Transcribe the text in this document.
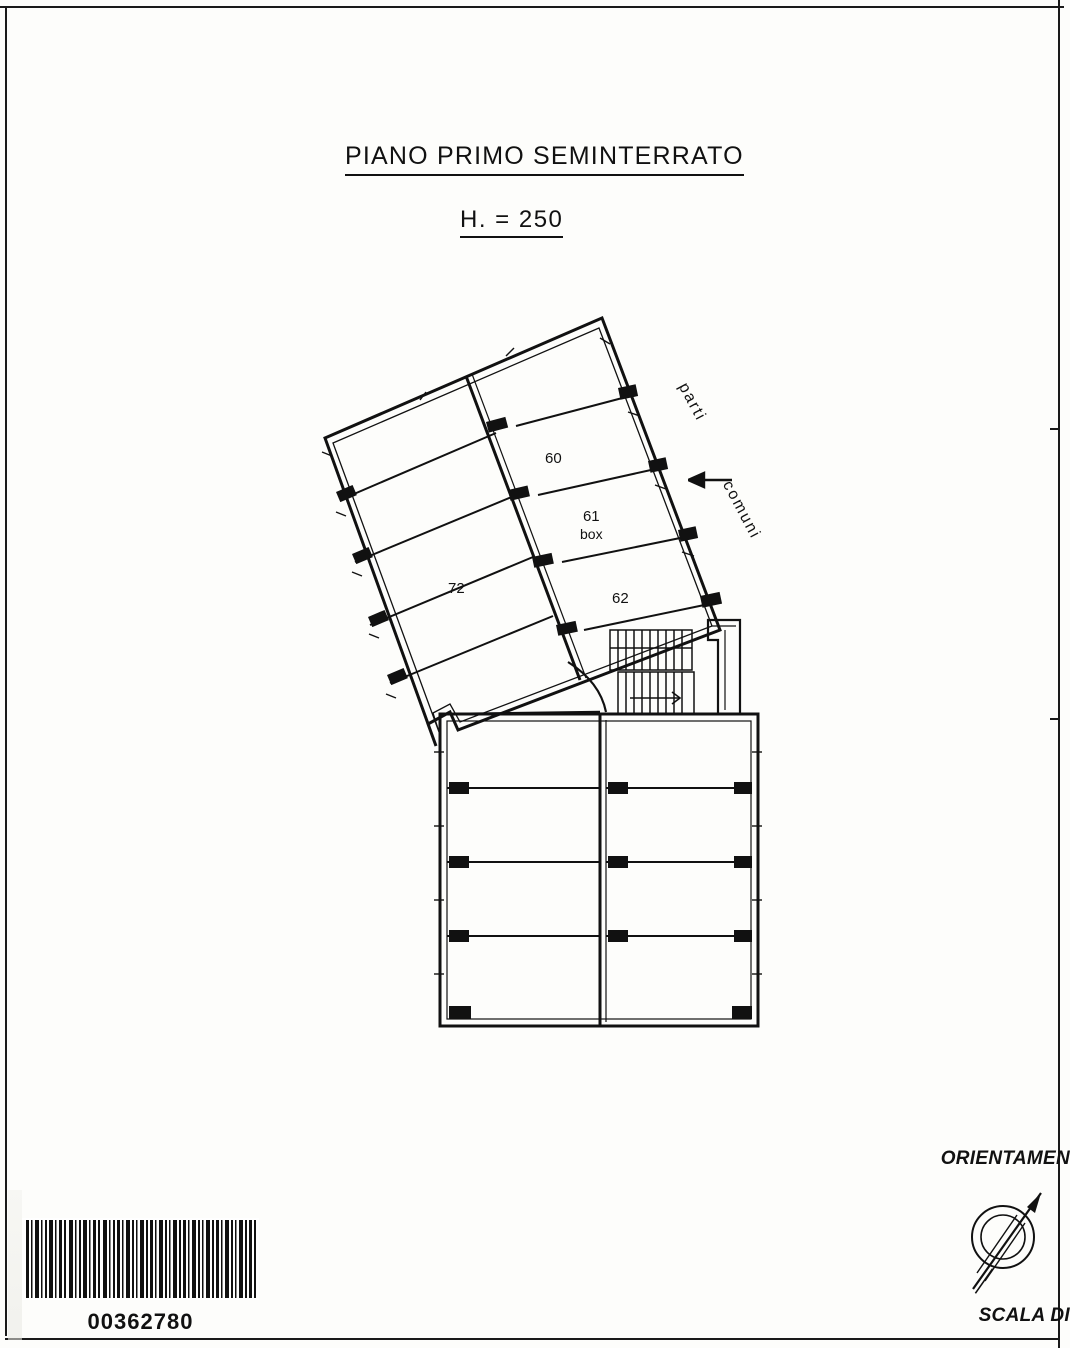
PIANO PRIMO SEMINTERRATO
H. = 250
60
61
box
62
72
parti
comuni
ORIENTAMEN
SCALA DI
00362780
